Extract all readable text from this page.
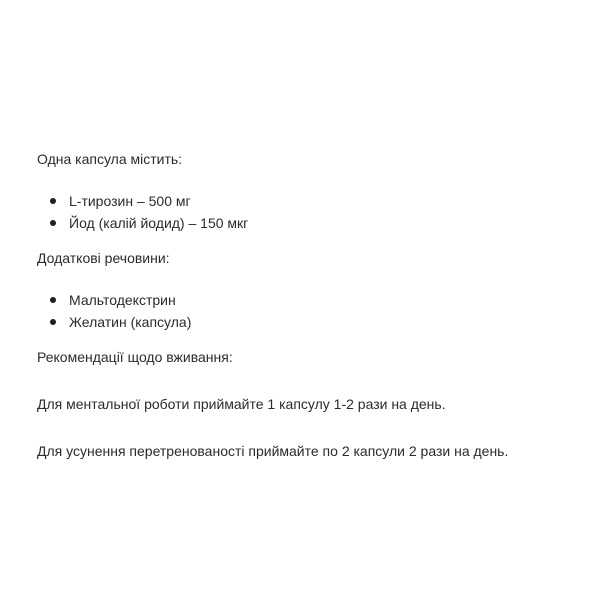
Одна капсула містить:

L-тирозин – 500 мг
Йод (калій йодид) – 150 мкг

Додаткові речовини:

Мальтодекстрин
Желатин (капсула)

Рекомендації щодо вживання:

Для ментальної роботи приймайте 1 капсулу 1-2 рази на день.

Для усунення перетренованості приймайте по 2 капсули 2 рази на день.
